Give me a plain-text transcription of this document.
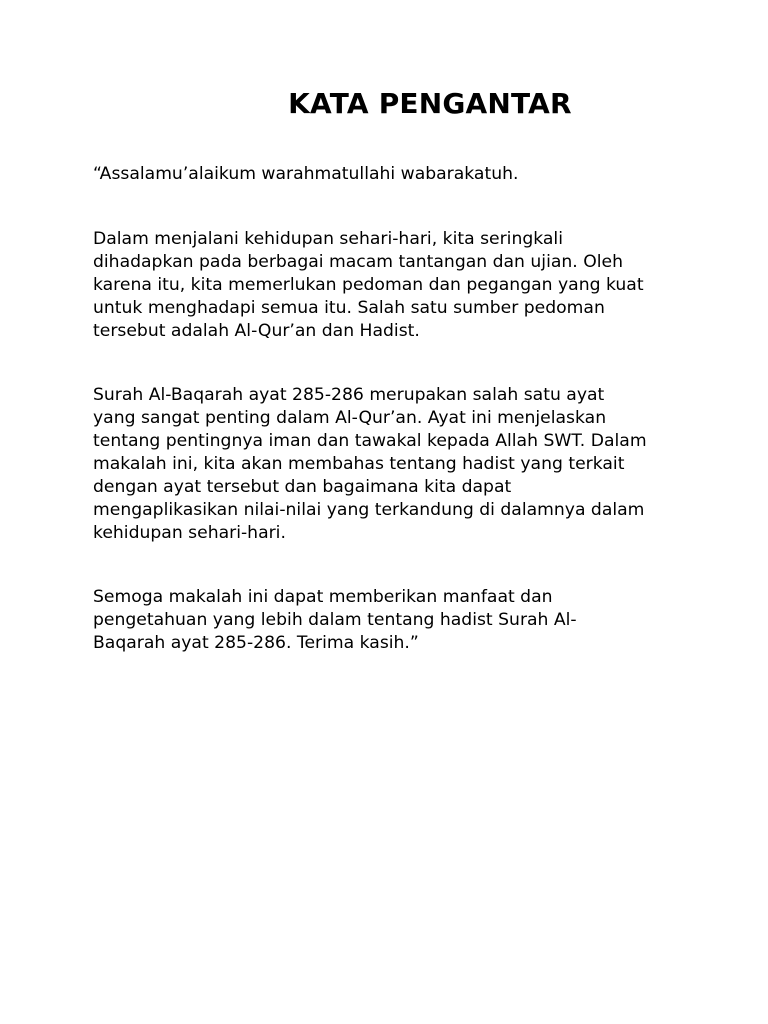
KATA PENGANTAR

“Assalamu’alaikum warahmatullahi wabarakatuh.

Dalam menjalani kehidupan sehari-hari, kita seringkali
dihadapkan pada berbagai macam tantangan dan ujian. Oleh
karena itu, kita memerlukan pedoman dan pegangan yang kuat
untuk menghadapi semua itu. Salah satu sumber pedoman
tersebut adalah Al-Qur’an dan Hadist.

Surah Al-Baqarah ayat 285-286 merupakan salah satu ayat
yang sangat penting dalam Al-Qur’an. Ayat ini menjelaskan
tentang pentingnya iman dan tawakal kepada Allah SWT. Dalam
makalah ini, kita akan membahas tentang hadist yang terkait
dengan ayat tersebut dan bagaimana kita dapat
mengaplikasikan nilai-nilai yang terkandung di dalamnya dalam
kehidupan sehari-hari.

Semoga makalah ini dapat memberikan manfaat dan
pengetahuan yang lebih dalam tentang hadist Surah Al-
Baqarah ayat 285-286. Terima kasih.”
